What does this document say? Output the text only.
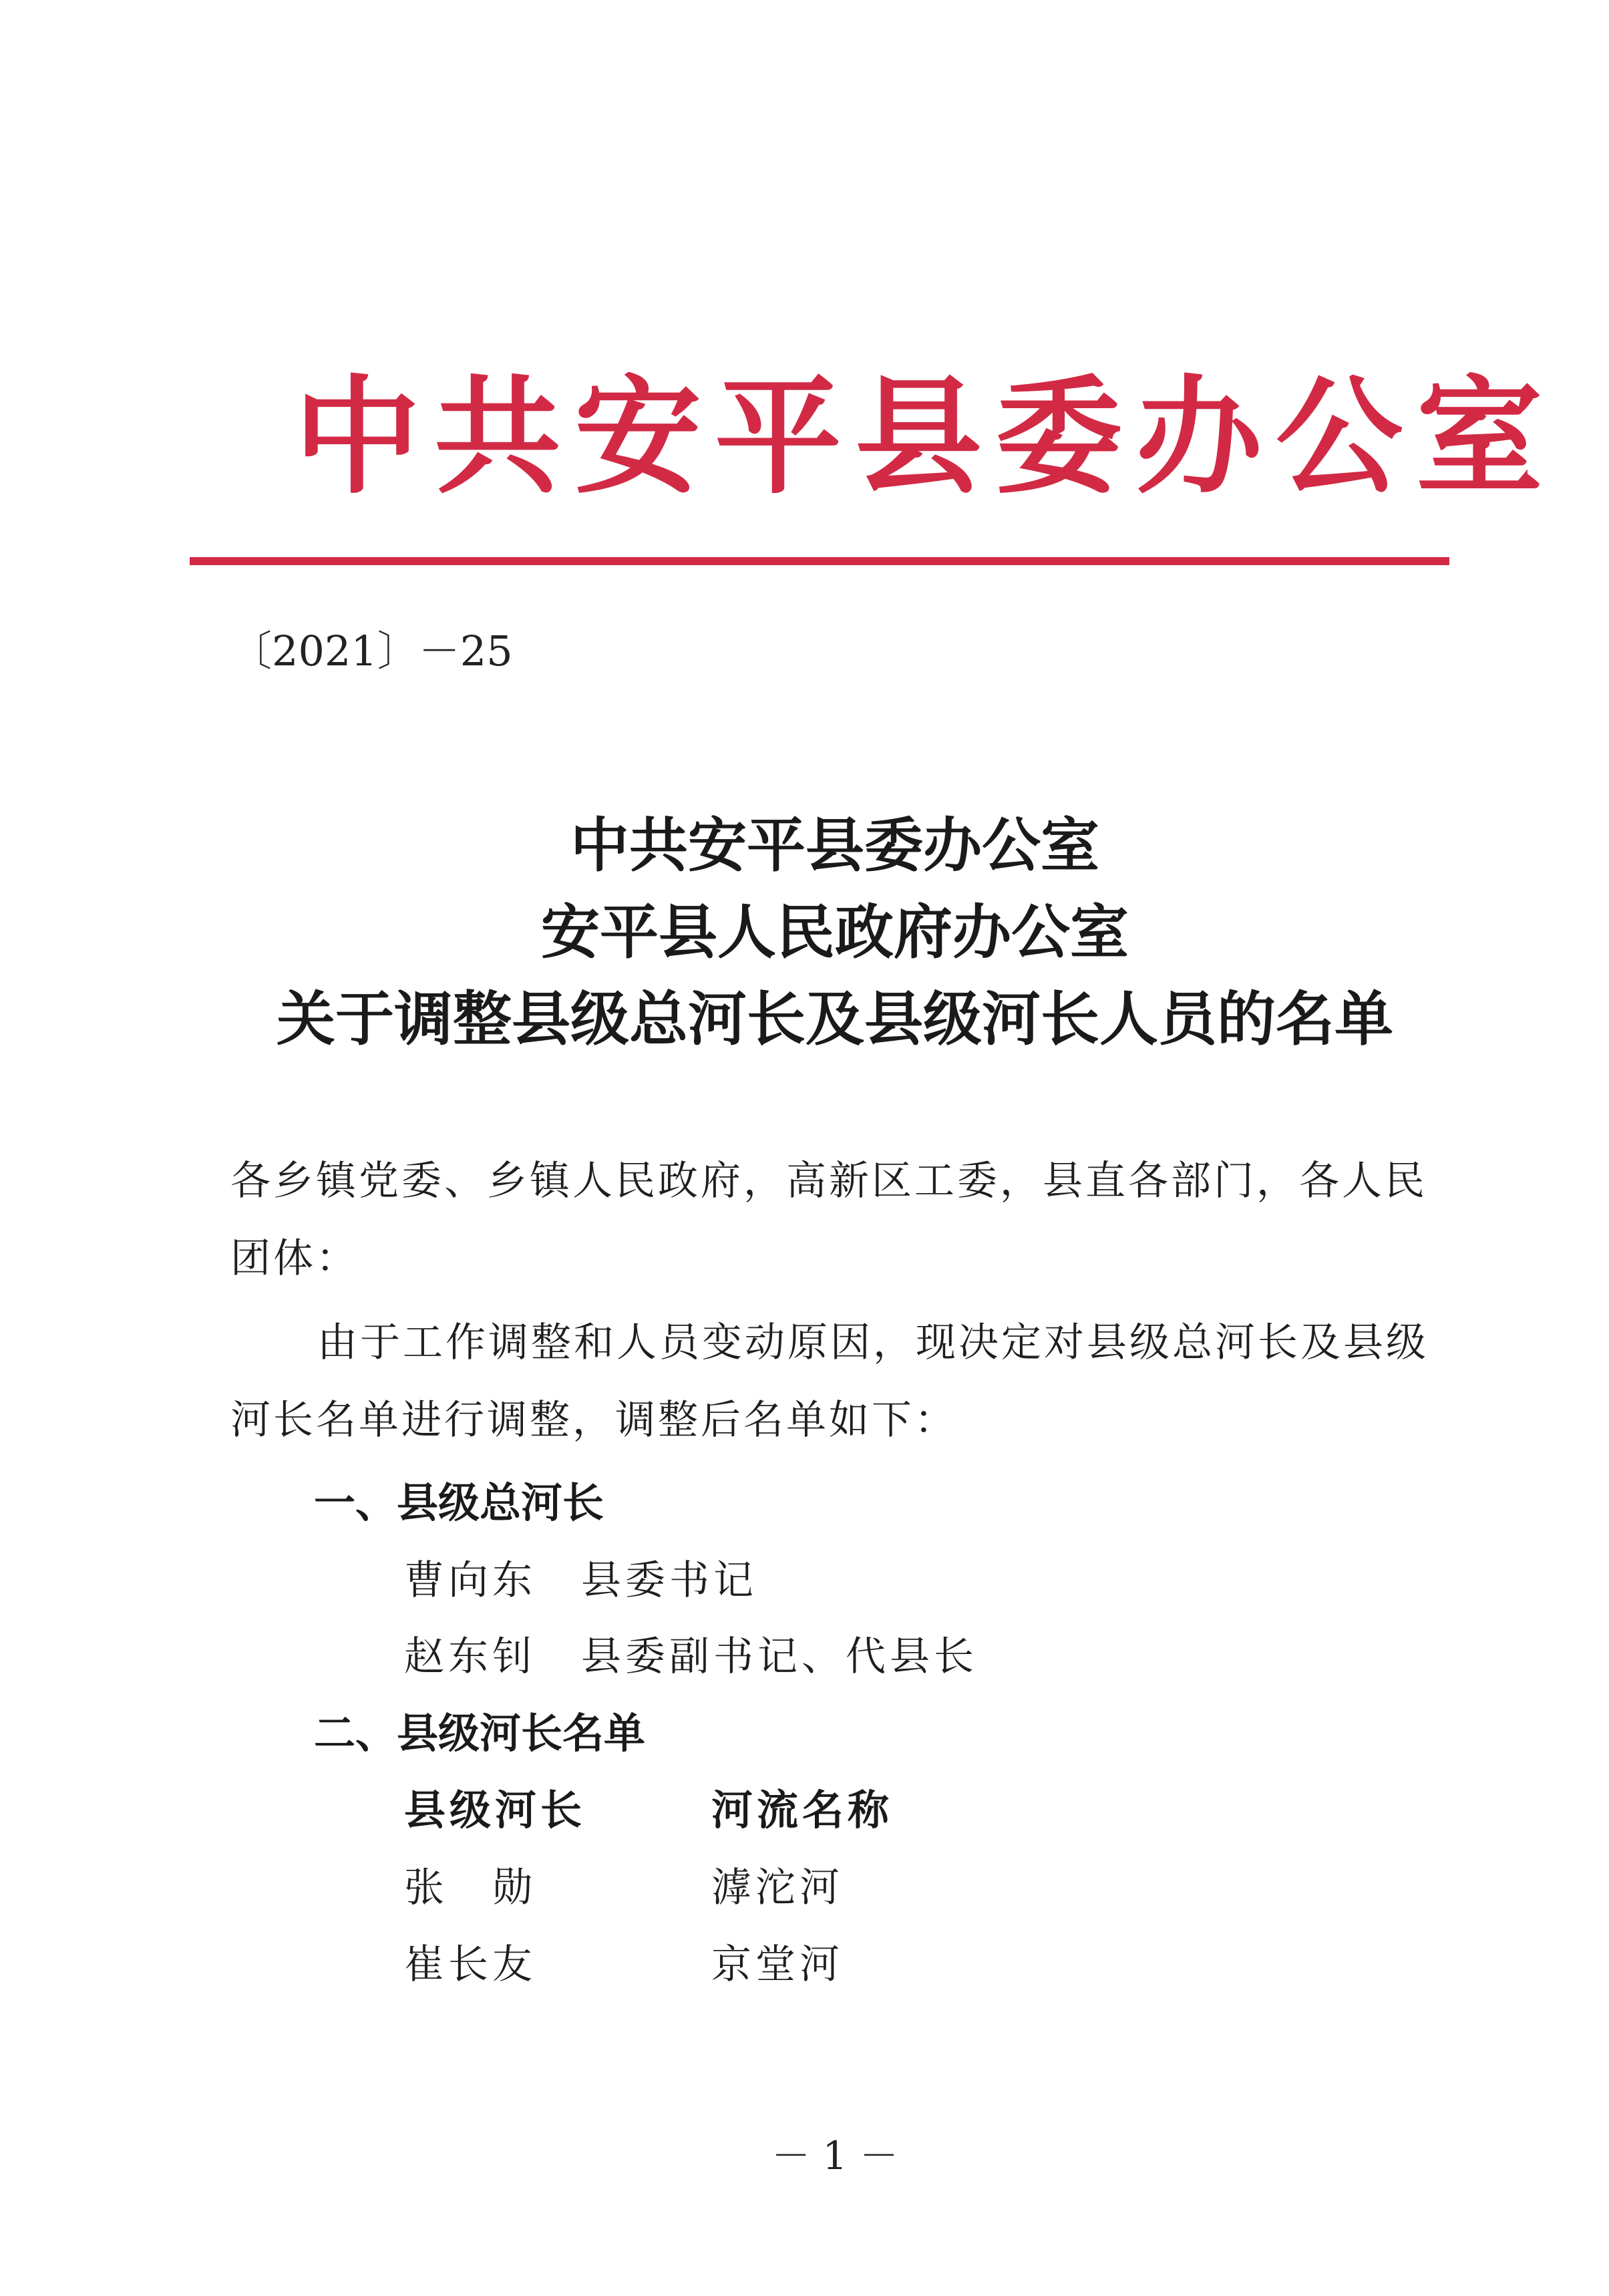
中共安平县委办公室
〔2021〕－25
中共安平县委办公室
安平县人民政府办公室
关于调整县级总河长及县级河长人员的名单
各乡镇党委、乡镇人民政府，高新区工委，县直各部门，各人民团体：
由于工作调整和人员变动原因，现决定对县级总河长及县级河长名单进行调整，调整后名单如下：
一、县级总河长
曹向东 县委书记
赵东钊 县委副书记、代县长
二、县级河长名单
县级河长	河流名称
张　勋	滹沱河
崔长友	京堂河
－ 1 －
